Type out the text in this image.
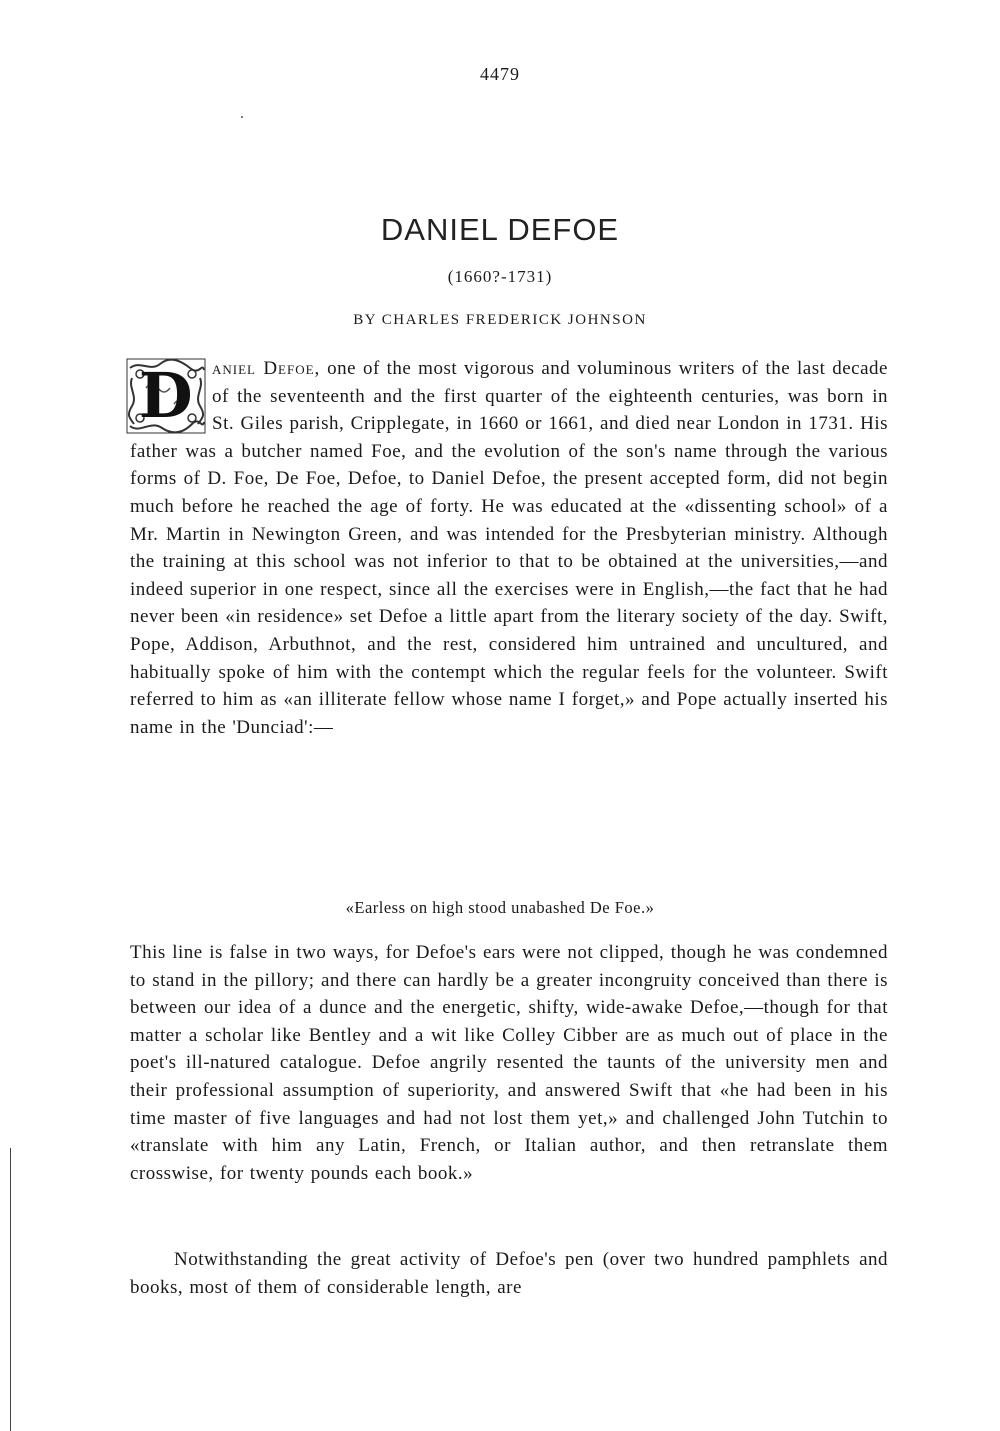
4479
DANIEL DEFOE
(1660?-1731)
BY CHARLES FREDERICK JOHNSON
D aniel Defoe, one of the most vigorous and voluminous writers of the last decade of the seventeenth and the first quarter of the eighteenth centuries, was born in St. Giles parish, Cripplegate, in 1660 or 1661, and died near London in 1731. His father was a butcher named Foe, and the evolution of the son's name through the various forms of D. Foe, De Foe, Defoe, to Daniel Defoe, the present accepted form, did not begin much before he reached the age of forty. He was educated at the «dissenting school» of a Mr. Martin in Newington Green, and was intended for the Presbyterian ministry. Although the training at this school was not inferior to that to be obtained at the universities,—and indeed superior in one respect, since all the exercises were in English,—the fact that he had never been «in residence» set Defoe a little apart from the literary society of the day. Swift, Pope, Addison, Arbuthnot, and the rest, considered him untrained and uncultured, and habitually spoke of him with the contempt which the regular feels for the volunteer. Swift referred to him as «an illiterate fellow whose name I forget,» and Pope actually inserted his name in the 'Dunciad':—
«Earless on high stood unabashed De Foe.»
This line is false in two ways, for Defoe's ears were not clipped, though he was condemned to stand in the pillory; and there can hardly be a greater incongruity conceived than there is between our idea of a dunce and the energetic, shifty, wide-awake Defoe,—though for that matter a scholar like Bentley and a wit like Colley Cibber are as much out of place in the poet's ill-natured catalogue. Defoe angrily resented the taunts of the university men and their professional assumption of superiority, and answered Swift that «he had been in his time master of five languages and had not lost them yet,» and challenged John Tutchin to «translate with him any Latin, French, or Italian author, and then retranslate them crosswise, for twenty pounds each book.»
Notwithstanding the great activity of Defoe's pen (over two hundred pamphlets and books, most of them of considerable length, are
